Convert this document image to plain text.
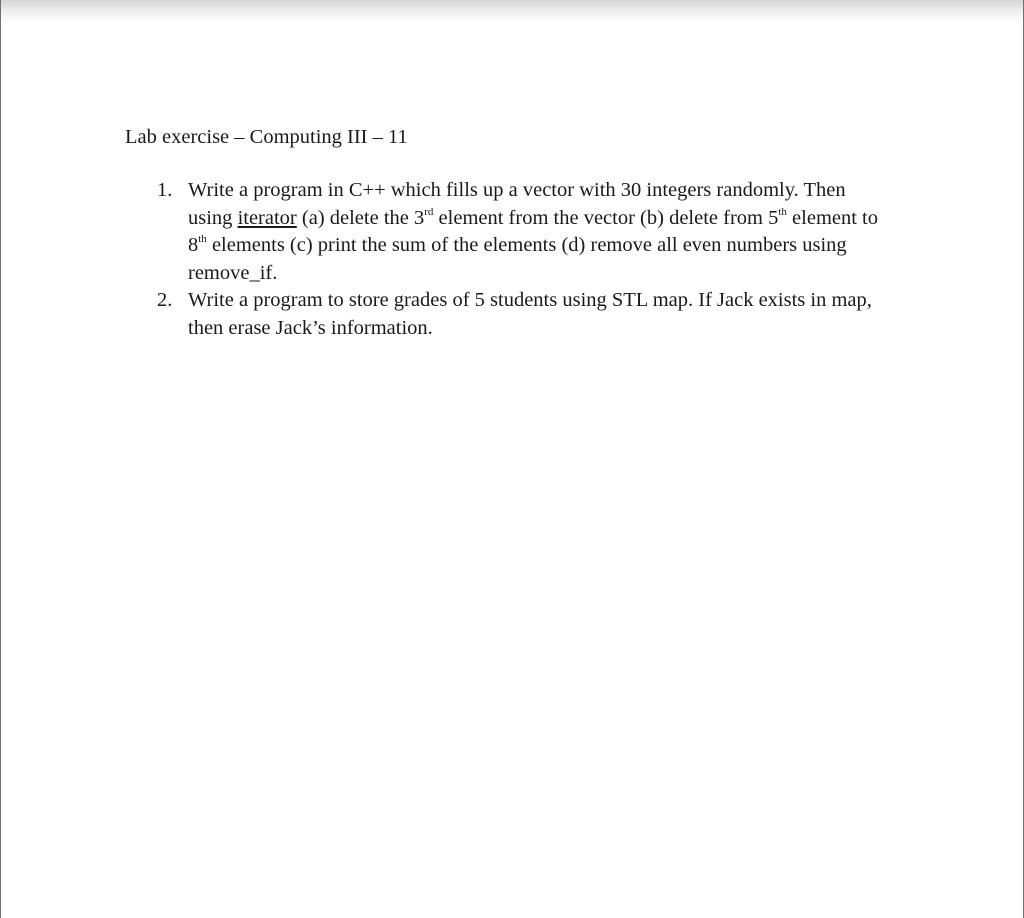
Lab exercise – Computing III – 11
1. Write a program in C++ which fills up a vector with 30 integers randomly. Then using iterator (a) delete the 3rd element from the vector (b) delete from 5th element to 8th elements (c) print the sum of the elements (d) remove all even numbers using remove_if.
2. Write a program to store grades of 5 students using STL map. If Jack exists in map, then erase Jack’s information.
